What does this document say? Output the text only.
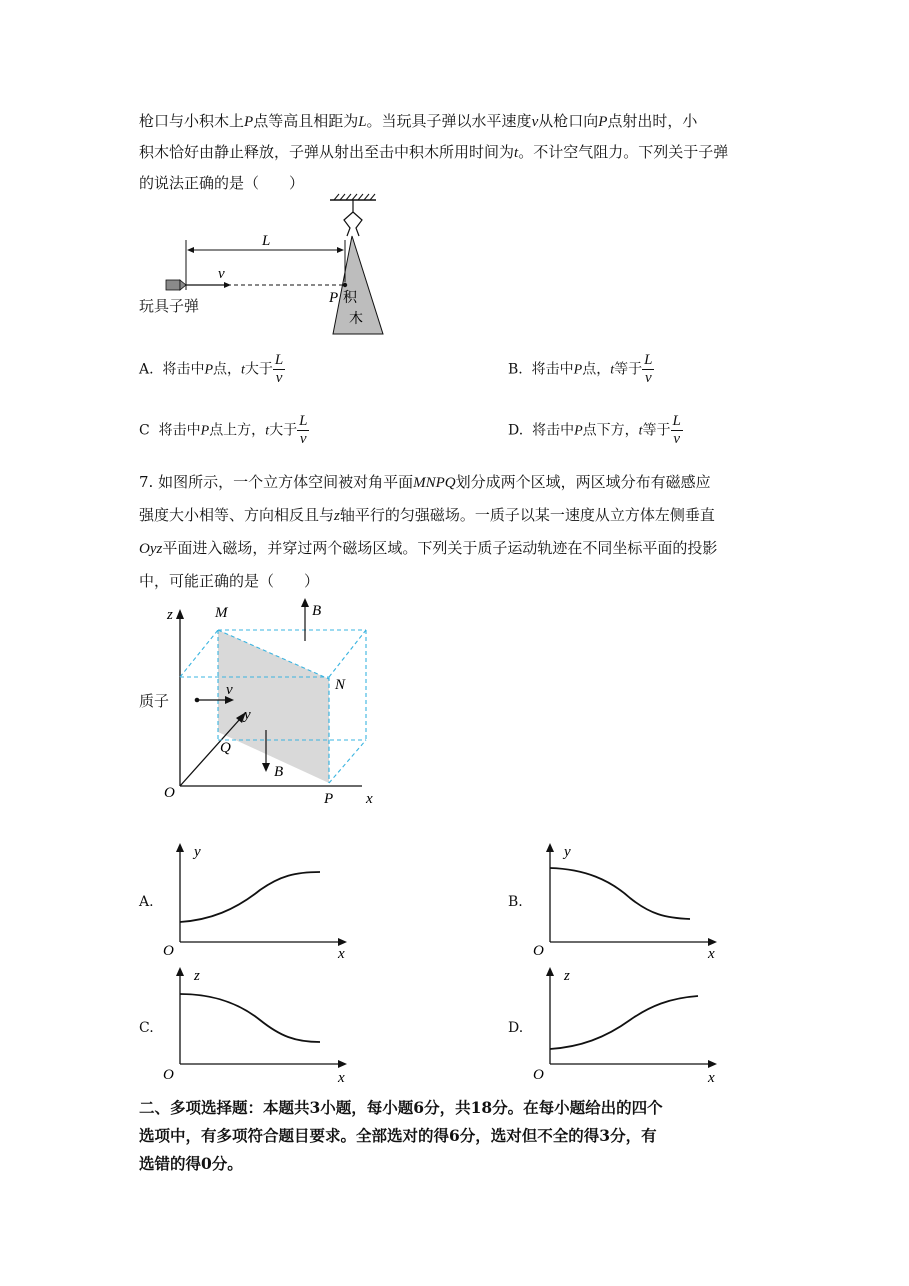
枪口与小积木上P点等高且相距为L。当玩具子弹以水平速度v从枪口向P点射出时，小
积木恰好由静止释放，子弹从射出至击中积木所用时间为t。不计空气阻力。下列关于子弹
的说法正确的是（　　）
积
木
P
v
L
玩具子弹
A. 将击中P点，t大于 $\frac{L}{v}$	B. 将击中P点，t等于 $\frac{L}{v}$
C 将击中P点上方，t大于 $\frac{L}{v}$	D. 将击中P点下方，t等于 $\frac{L}{v}$
7. 如图所示，一个立方体空间被对角平面MNPQ划分成两个区域，两区域分布有磁感应
强度大小相等、方向相反且与z轴平行的匀强磁场。一质子以某一速度从立方体左侧垂直
Oyz平面进入磁场，并穿过两个磁场区域。下列关于质子运动轨迹在不同坐标平面的投影
中，可能正确的是（　　）
B
B
v
z	M
N
y
Q
O	P x
质子
A.
y
O	x
B.
y
O	x
C.
z
O	x
D.
z
O	x
二、多项选择题：本题共3小题，每小题6分，共18分。在每小题给出的四个
选项中，有多项符合题目要求。全部选对的得6分，选对但不全的得3分，有
选错的得0分。
